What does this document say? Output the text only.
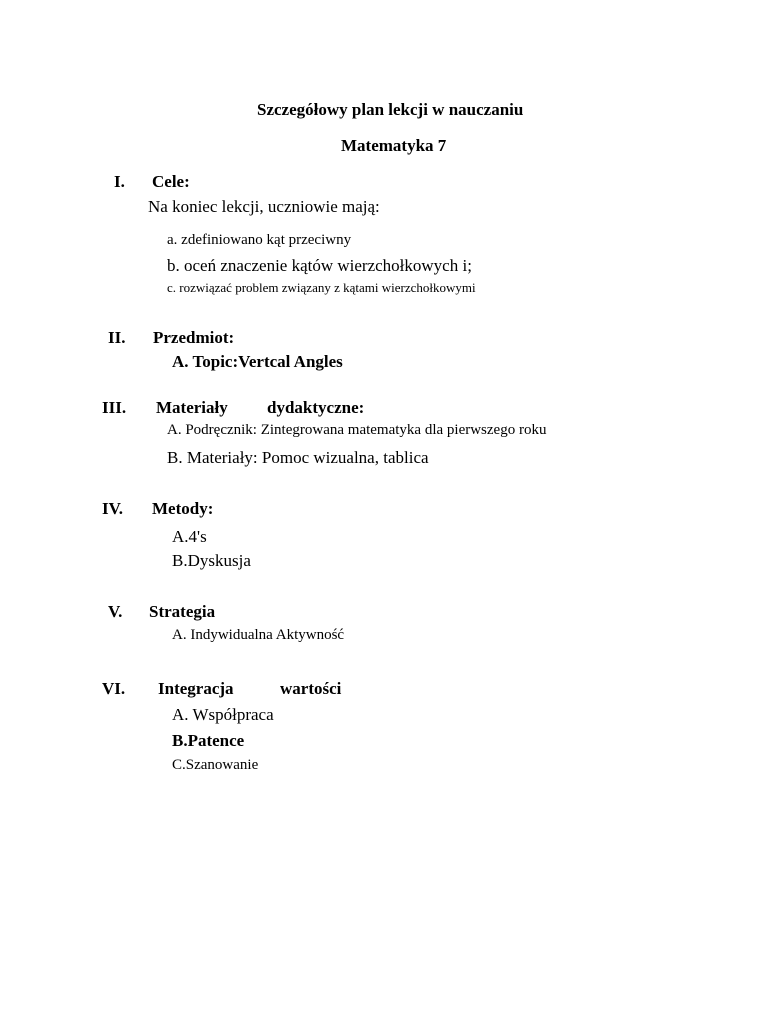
Szczegółowy plan lekcji w nauczaniu
Matematyka 7
I. Cele:
Na koniec lekcji, uczniowie mają:
a. zdefiniowano kąt przeciwny
b. oceń znaczenie kątów wierzchołkowych i;
c. rozwiązać problem związany z kątami wierzchołkowymi
II. Przedmiot:
A. Topic:Vertcal Angles
III. Materiały dydaktyczne:
A. Podręcznik: Zintegrowana matematyka dla pierwszego roku
B. Materiały: Pomoc wizualna, tablica
IV. Metody:
A.4's
B.Dyskusja
V. Strategia
A. Indywidualna Aktywność
VI. Integracja	wartości
A. Współpraca
B.Patence
C.Szanowanie
